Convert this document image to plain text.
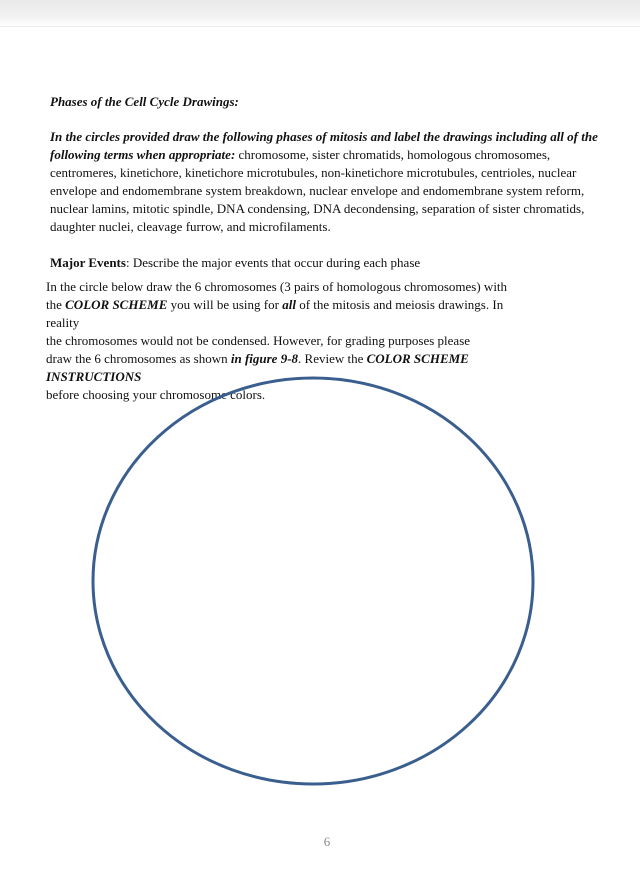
Phases of the Cell Cycle Drawings:
In the circles provided draw the following phases of mitosis and label the drawings including all of the following terms when appropriate: chromosome, sister chromatids, homologous chromosomes, centromeres, kinetichore, kinetichore microtubules, non-kinetichore microtubules, centrioles, nuclear envelope and endomembrane system breakdown, nuclear envelope and endomembrane system reform, nuclear lamins, mitotic spindle, DNA condensing, DNA decondensing, separation of sister chromatids, daughter nuclei, cleavage furrow, and microfilaments.
Major Events: Describe the major events that occur during each phase
In the circle below draw the 6 chromosomes (3 pairs of homologous chromosomes) with
the COLOR SCHEME you will be using for all of the mitosis and meiosis drawings. In
reality
the chromosomes would not be condensed. However, for grading purposes please
draw the 6 chromosomes as shown in figure 9-8. Review the COLOR SCHEME
INSTRUCTIONS
before choosing your chromosome colors.
6
